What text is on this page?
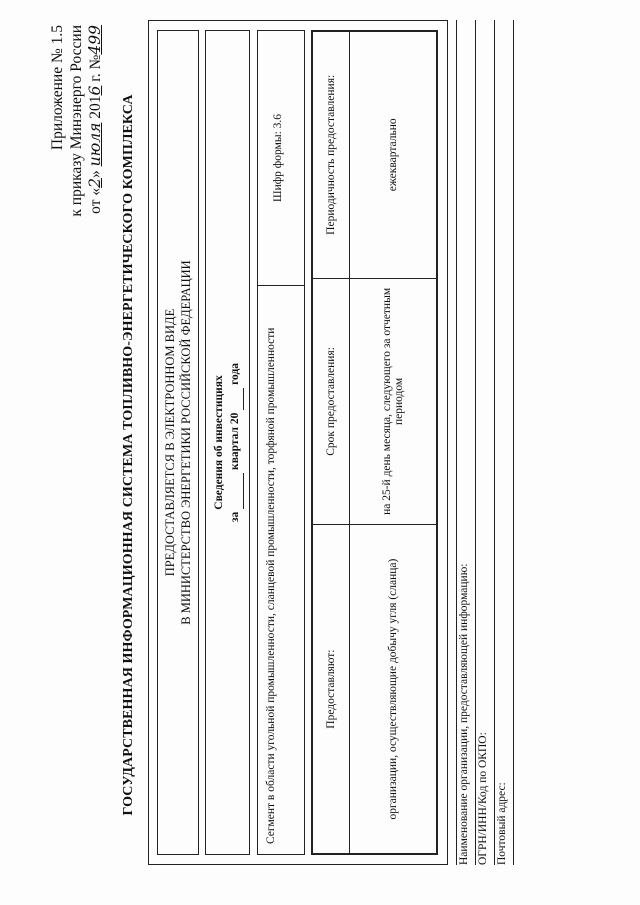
Приложение № 1.5 к приказу Минэнерго России от «2» июля 2016 г. №499
ГОСУДАРСТВЕННАЯ ИНФОРМАЦИОННАЯ СИСТЕМА ТОПЛИВНО-ЭНЕРГЕТИЧЕСКОГО КОМПЛЕКСА ПРЕДОСТАВЛЯЕТСЯ В ЭЛЕКТРОННОМ ВИДЕ В МИНИСТЕРСТВО ЭНЕРГЕТИКИ РОССИЙСКОЙ ФЕДЕРАЦИИ Сведения об инвестициях
за   квартал 20   года Сегмент в области угольной промышленности, сланцевой промышленности, торфяной промышленности
Шифр формы: 3.6
Предоставляют:	Срок предоставления:	Периодичность предоставления:
организации, осуществляющие добычу угля (сланца)	на 25-й день месяца, следующего за отчетным периодом	ежеквартально
Наименование организации, предоставляющей информацию: ОГРН/ИНН/Код по ОКПО: Почтовый адрес:
